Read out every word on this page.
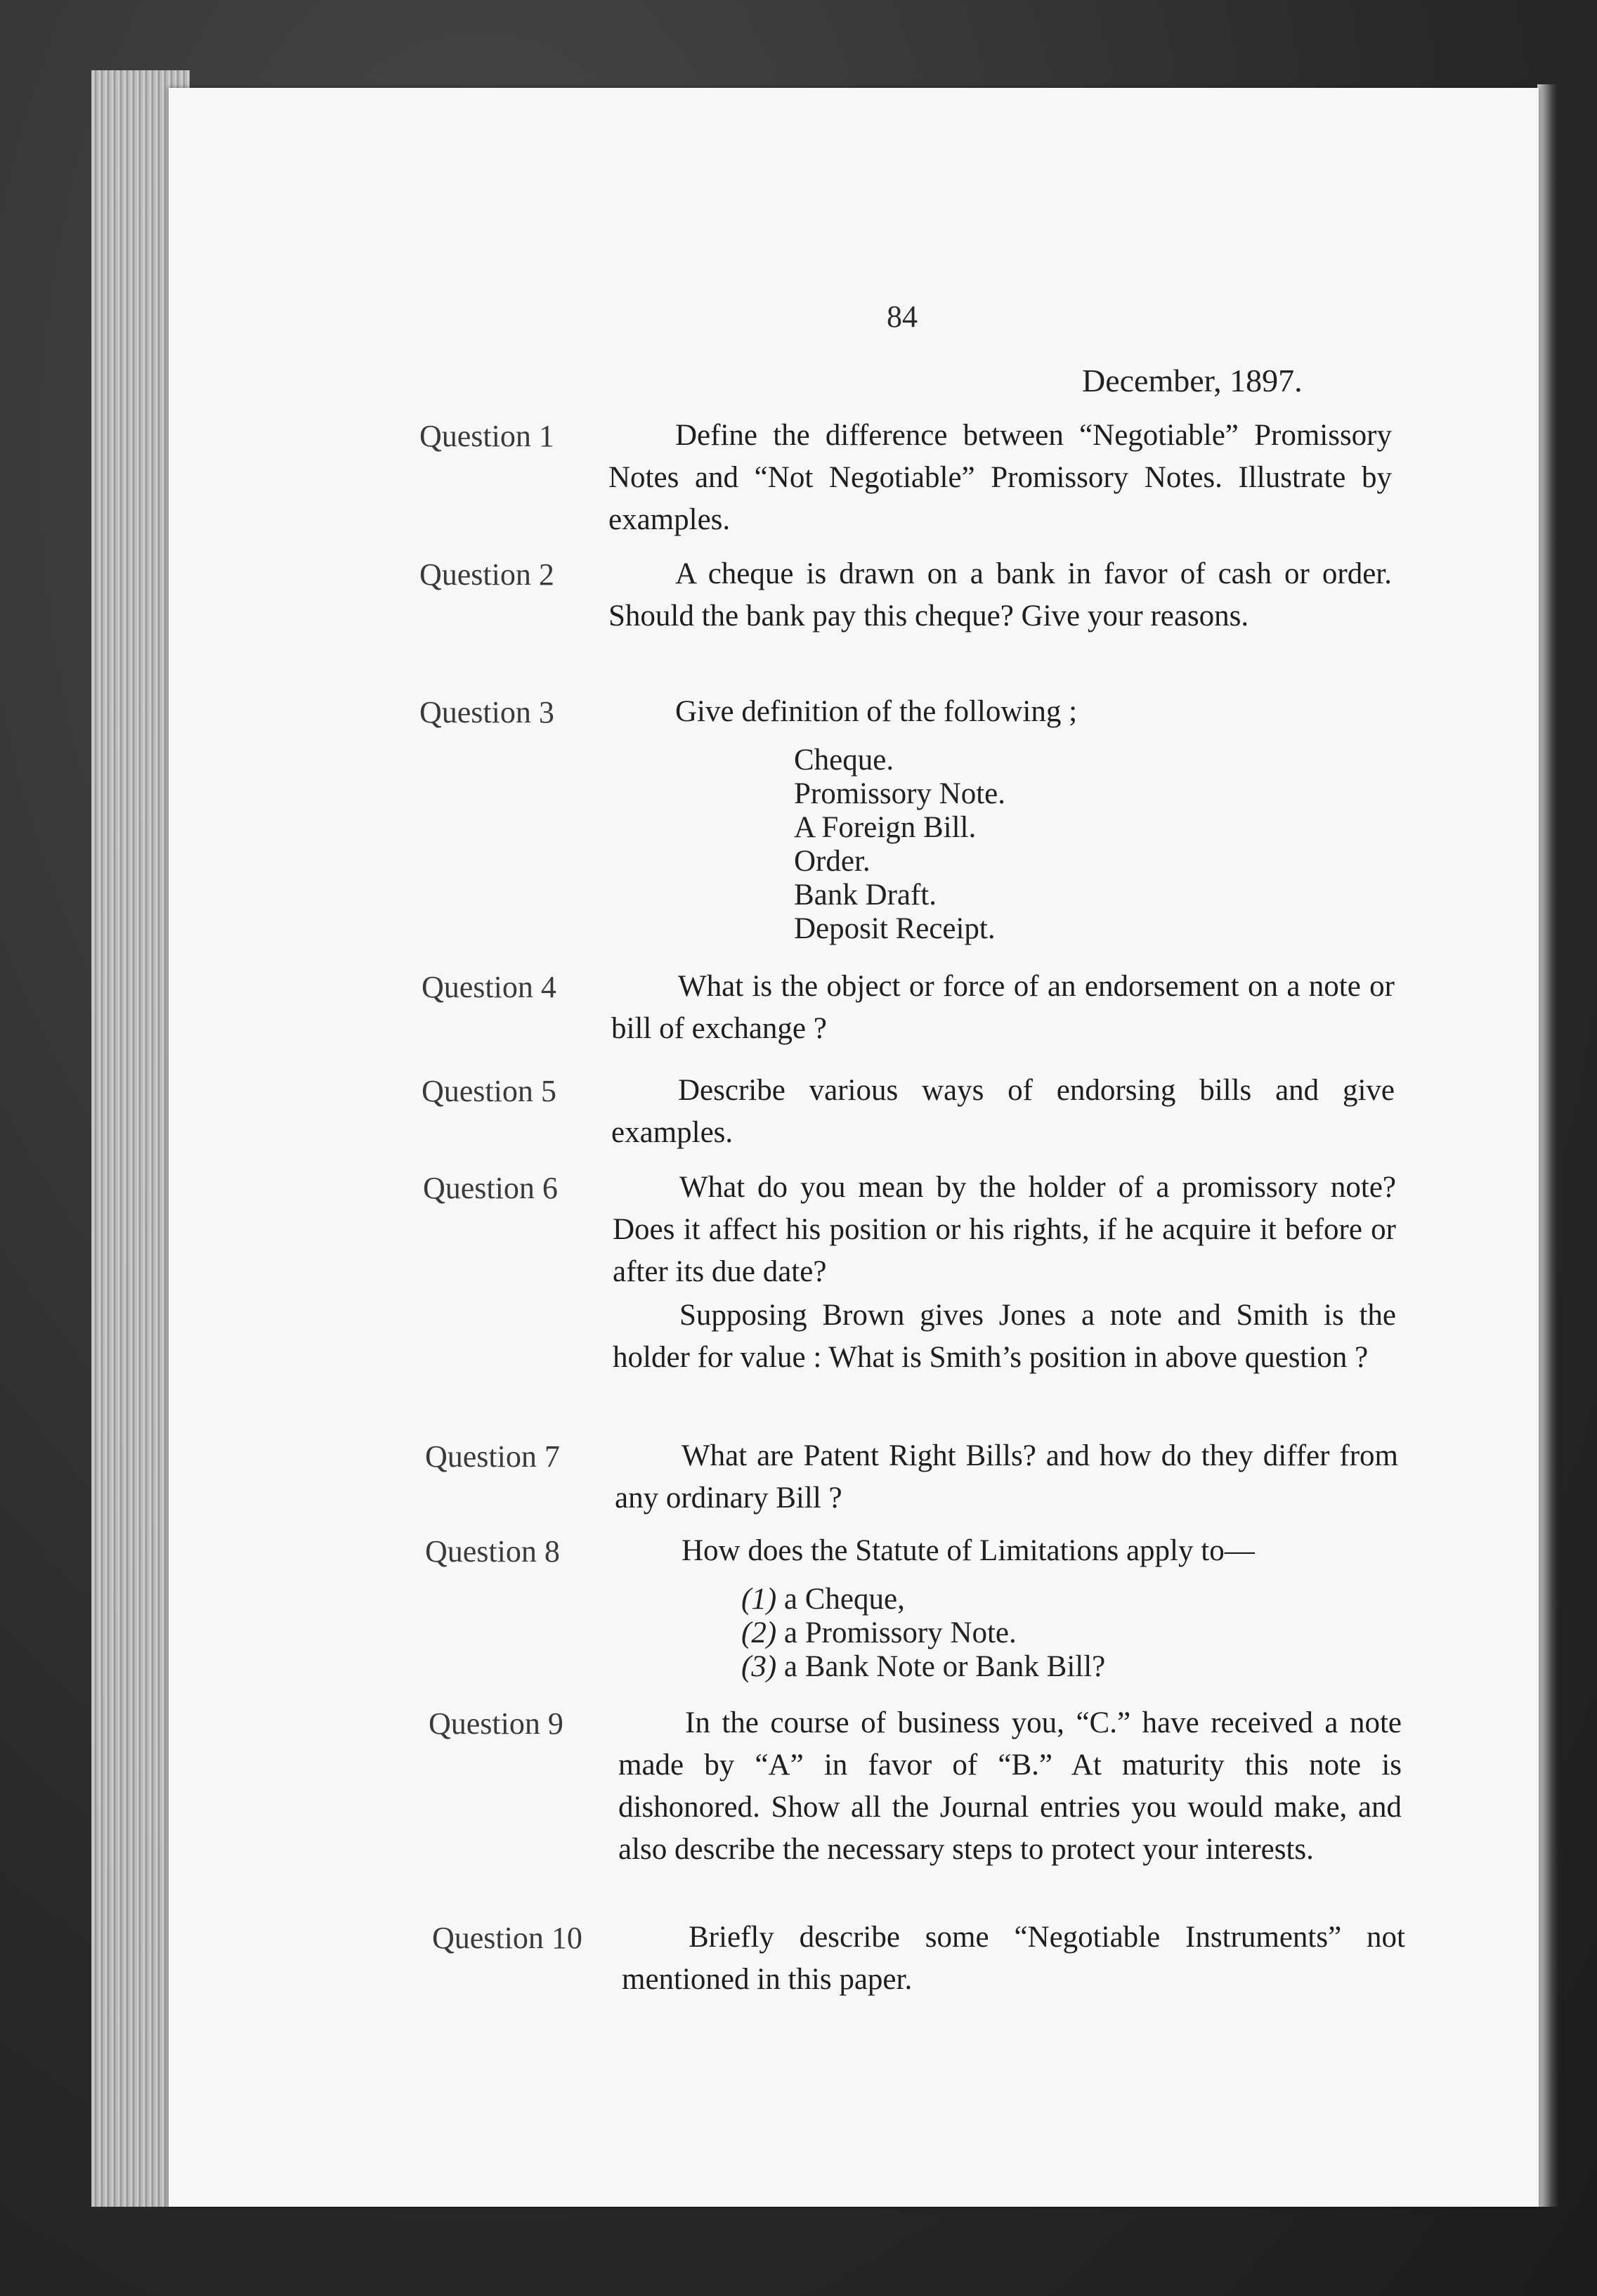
84
December, 1897.
Question 1	Define the difference between “Negotiable” Promissory Notes and “Not Negotiable” Promissory Notes. Illustrate by examples.
Question 2	A cheque is drawn on a bank in favor of cash or order. Should the bank pay this cheque? Give your reasons.
Question 3	Give definition of the following ;
Cheque.
Promissory Note.
A Foreign Bill.
Order.
Bank Draft.
Deposit Receipt.
Question 4	What is the object or force of an endorsement on a note or bill of exchange ?
Question 5	Describe various ways of endorsing bills and give examples.
Question 6	What do you mean by the holder of a promissory note? Does it affect his position or his rights, if he acquire it before or after its due date?
Supposing Brown gives Jones a note and Smith is the holder for value : What is Smith’s position in above question ?
Question 7	What are Patent Right Bills? and how do they differ from any ordinary Bill ?
Question 8	How does the Statute of Limitations apply to—
(1) a Cheque,
(2) a Promissory Note.
(3) a Bank Note or Bank Bill?
Question 9	In the course of business you, “C.” have received a note made by “A” in favor of “B.” At maturity this note is dishonored. Show all the Journal entries you would make, and also describe the necessary steps to protect your interests.
Question 10	Briefly describe some “Negotiable Instruments” not mentioned in this paper.
